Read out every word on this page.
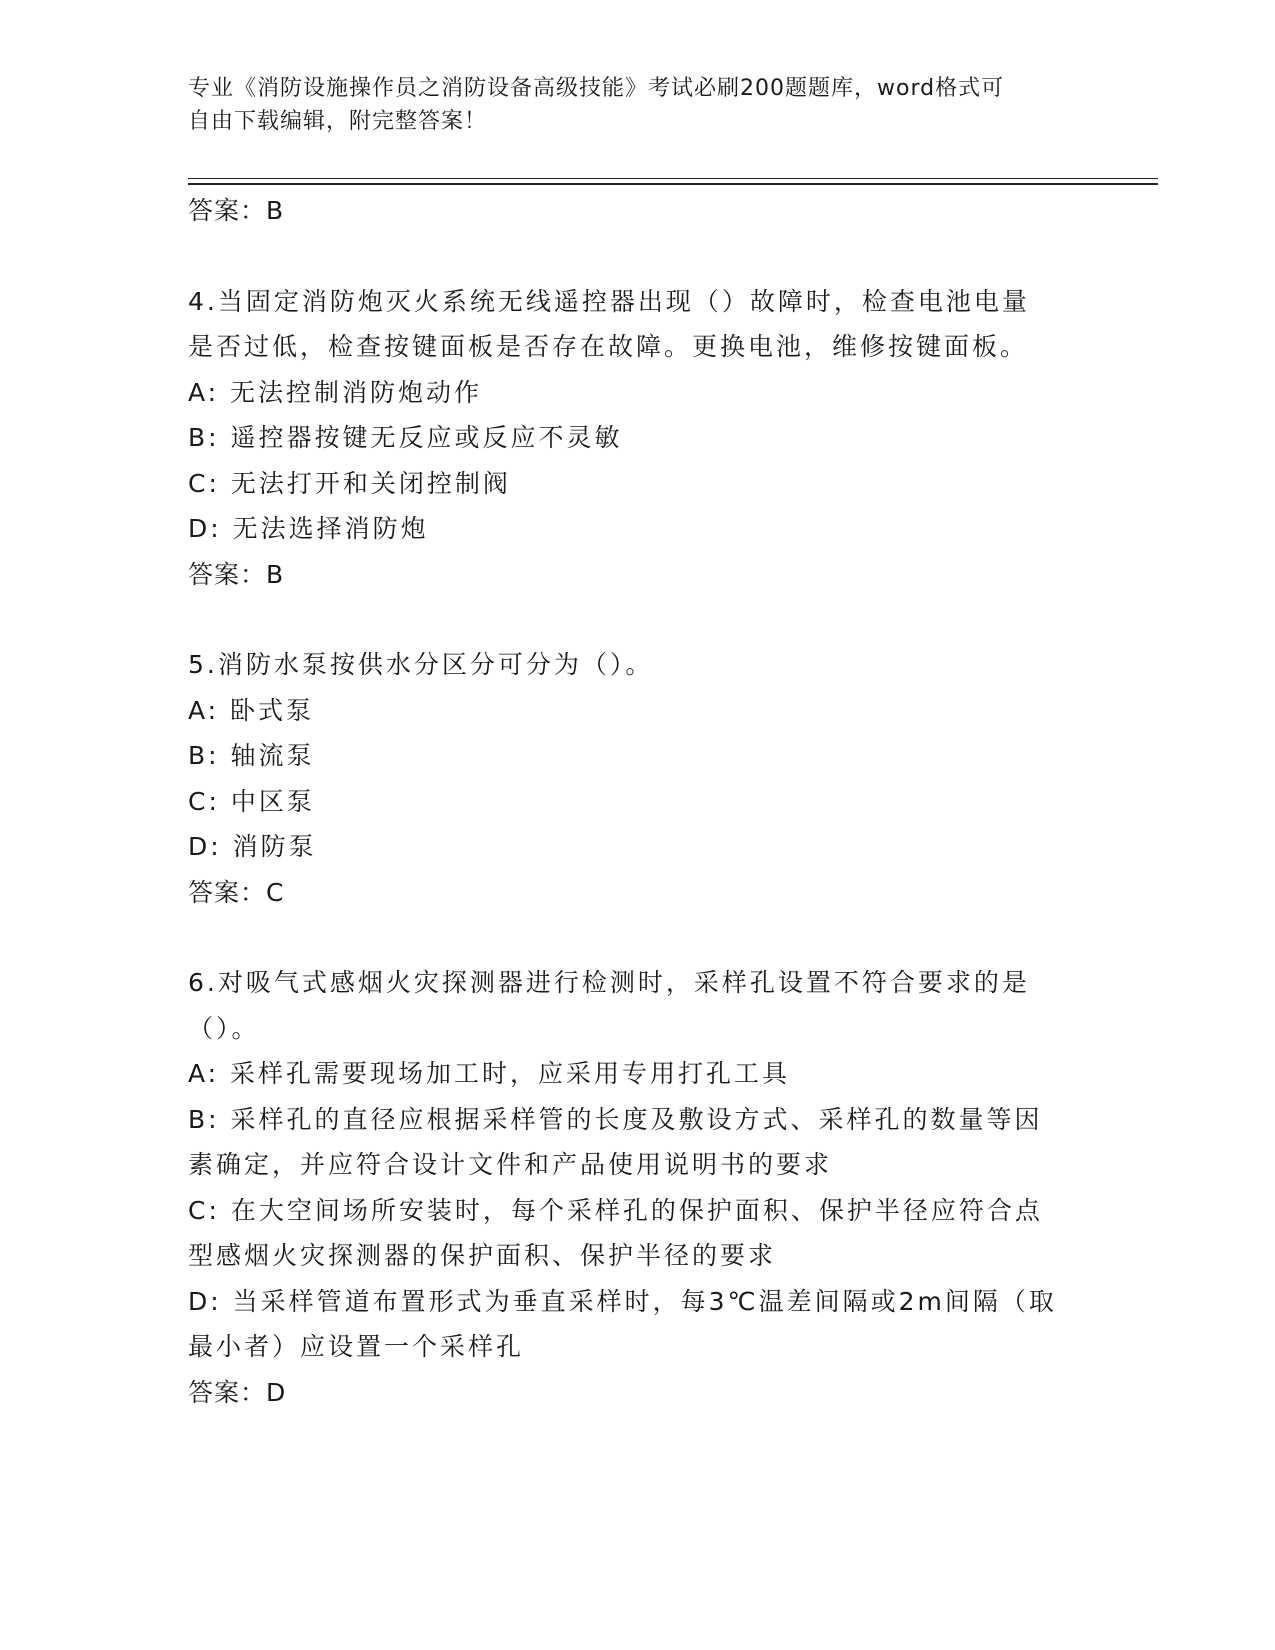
专业《消防设施操作员之消防设备高级技能》考试必刷200题题库，word格式可
自由下载编辑，附完整答案！
答案：B
4.当固定消防炮灭火系统无线遥控器出现（）故障时，检查电池电量
是否过低，检查按键面板是否存在故障。更换电池，维修按键面板。
A: 无法控制消防炮动作
B: 遥控器按键无反应或反应不灵敏
C: 无法打开和关闭控制阀
D: 无法选择消防炮
答案：B
5.消防水泵按供水分区分可分为（）。
A: 卧式泵
B: 轴流泵
C: 中区泵
D: 消防泵
答案：C
6.对吸气式感烟火灾探测器进行检测时，采样孔设置不符合要求的是
（）。
A: 采样孔需要现场加工时，应采用专用打孔工具
B: 采样孔的直径应根据采样管的长度及敷设方式、采样孔的数量等因
素确定，并应符合设计文件和产品使用说明书的要求
C: 在大空间场所安装时，每个采样孔的保护面积、保护半径应符合点
型感烟火灾探测器的保护面积、保护半径的要求
D: 当采样管道布置形式为垂直采样时，每3℃温差间隔或2m间隔（取
最小者）应设置一个采样孔
答案：D
